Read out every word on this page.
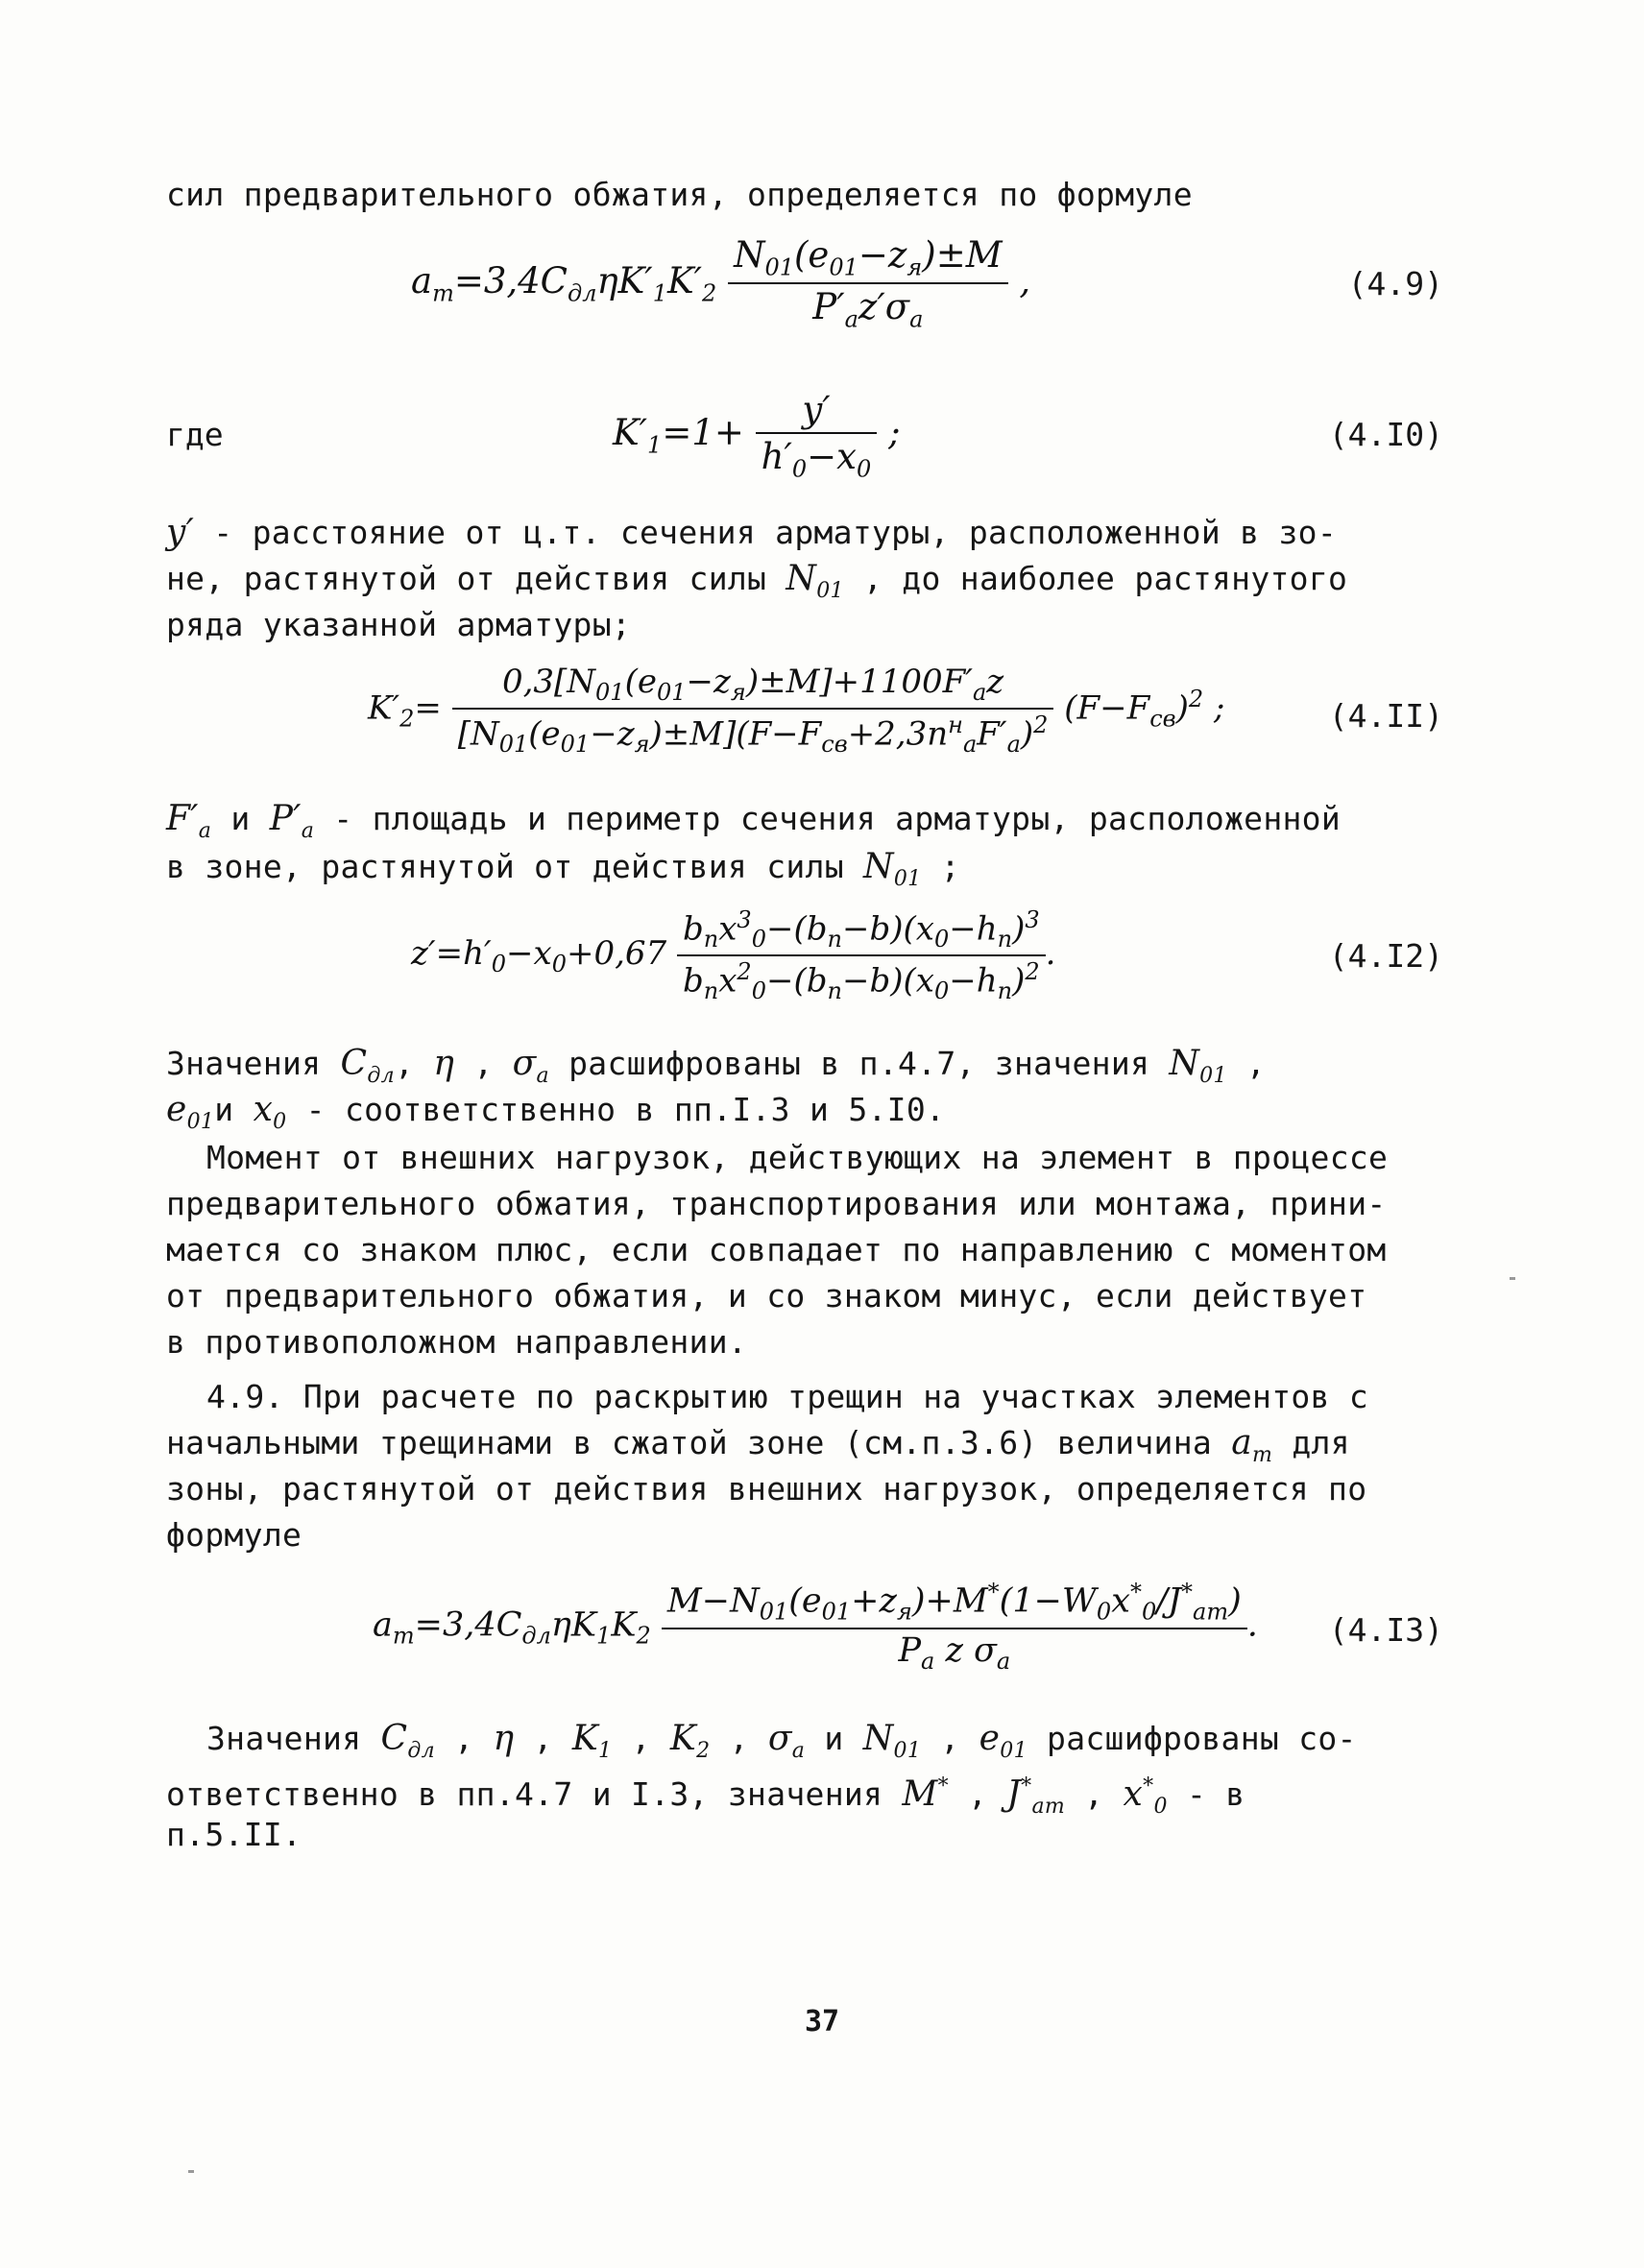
сил предварительного обжатия, определяется по формуле
$a_т=3,4C_{дл}\eta K'_1K'_2 \frac{N_{01}(e_{01}-z_я)\pm M}{P'_az'\sigma_a}$ ,	(4.9)
где	$K'_1=1+ \frac{y'}{h'_0-x_0}$ ;	(4.I0)
y′ - расстояние от ц.т. сечения арматуры, расположенной в зо-
не, растянутой от действия силы $N_{01}$ , до наиболее растянутого
ряда указанной арматуры;
$K'_2= \frac{0,3[N_{01}(e_{01}-z_я)\pm M]+1100F'_az}{[N_{01}(e_{01}-z_я)\pm M](F-F_{св}+2,3n^н_aF'_a)^2} (F-F_{св})^2$ ;	(4.II)
$F'_a$ и $P'_a$ - площадь и периметр сечения арматуры, расположенной
в зоне, растянутой от действия силы $N_{01}$ ;
$z'=h'_0-x_0+0,67 \frac{b_пx^3_0-(b_п-b)(x_0-h_п)^3}{b_пx^2_0-(b_п-b)(x_0-h_п)^2}$ .	(4.I2)
Значения $C_{дл}$, η , $\sigma_a$ расшифрованы в п.4.7, значения $N_{01}$ ,
$e_{01}и$ $x_0$ - соответственно в пп.I.3 и 5.I0.
Момент от внешних нагрузок, действующих на элемент в процессе
предварительного обжатия, транспортирования или монтажа, прини-
мается со знаком плюс, если совпадает по направлению с моментом
от предварительного обжатия, и со знаком минус, если действует
в противоположном направлении.
4.9. При расчете по раскрытию трещин на участках элементов с
начальными трещинами в сжатой зоне (см.п.3.6) величина $a_т$ для
зоны, растянутой от действия внешних нагрузок, определяется по
формуле
$a_т=3,4C_{дл}\eta K_1K_2 \frac{M-N_{01}(e_{01}+z_я)+M^*(1-W_0x^*_0/J^*_{ат})}{P_a z \sigma_a}$ . (4.I3)
Значения $C_{дл}$ , η , $K_1$ , $K_2$ , $\sigma_a$ и $N_{01}$ , $e_{01}$ расшифрованы со-
ответственно в пп.4.7 и I.3, значения M* , $J^*_{ат}$ , $x^*_0$ - в
п.5.II.
37
